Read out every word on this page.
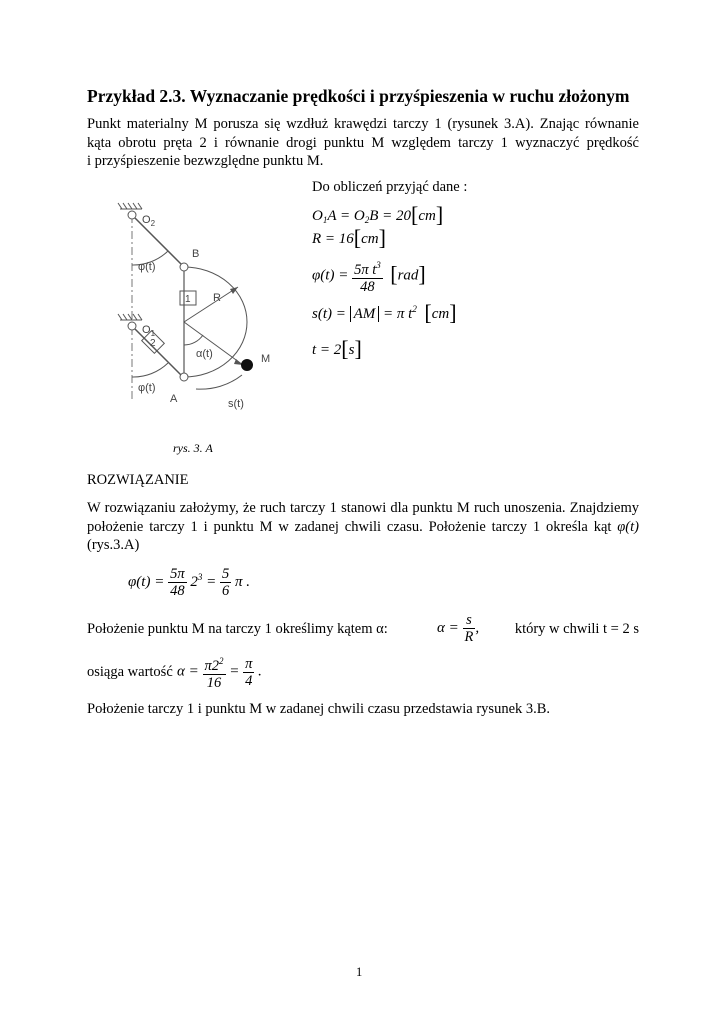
Przykład 2.3. Wyznaczanie prędkości i przyśpieszenia w ruchu złożonym
Punkt materialny M porusza się wzdłuż krawędzi tarczy 1 (rysunek 3.A). Znając równanie
kąta obrotu pręta 2 i równanie drogi punktu M względem tarczy 1 wyznaczyć prędkość
i przyśpieszenie bezwzględne punktu M.
Do obliczeń przyjąć dane :
$O_1A = O_2B = 20[cm]$
R = 16[cm]
$\varphi(t) = \frac{5\pi t^3}{48} [rad]$
s(t) = AM = π $t^2$ [cm]
t = 2[s]
$O_2$
$O_1$
B
A
φ(t)
φ(t)
α(t)
R
M
s(t)
1
2
rys. 3. A
ROZWIĄZANIE
W rozwiązaniu założymy, że ruch tarczy 1 stanowi dla punktu M ruch unoszenia. Znajdziemy
położenie tarczy 1 i punktu M w zadanej chwili czasu. Położenie tarczy 1 określa kąt φ(t)
(rys.3.A)
$\varphi(t) = \frac{5\pi}{48} 2^3 = \frac{5}{6}$ π .
Położenie punktu M na tarczy 1 określimy kątem α:	$\alpha = \frac{s}{R}$ ,	który w chwili t = 2 s
osiąga wartość $\alpha = \frac{\pi 2^2}{16} = \frac{\pi}{4}$ .
Położenie tarczy 1 i punktu M w zadanej chwili czasu przedstawia rysunek 3.B.
1
